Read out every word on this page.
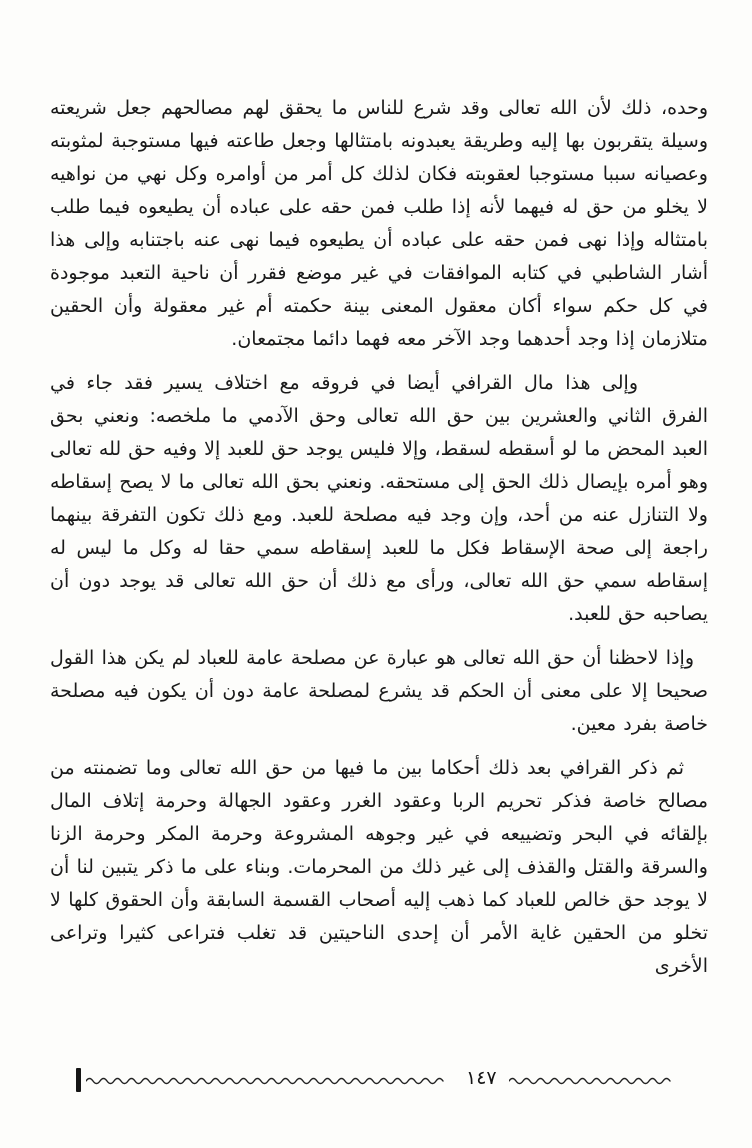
وحده، ذلك لأن الله تعالى وقد شرع للناس ما يحقق لهم مصالحهم جعل شريعته وسيلة يتقربون بها إليه وطريقة يعبدونه بامتثالها وجعل طاعته فيها مستوجبة لمثوبته وعصيانه سببا مستوجبا لعقوبته فكان لذلك كل أمر من أوامره وكل نهي من نواهيه لا يخلو من حق له فيهما لأنه إذا طلب فمن حقه على عباده أن يطيعوه فيما طلب بامتثاله وإذا نهى فمن حقه على عباده أن يطيعوه فيما نهى عنه باجتنابه وإلى هذا أشار الشاطبي في كتابه الموافقات في غير موضع فقرر أن ناحية التعبد موجودة في كل حكم سواء أكان معقول المعنى بينة حكمته أم غير معقولة وأن الحقين متلازمان إذا وجد أحدهما وجد الآخر معه فهما دائما مجتمعان.

وإلى هذا مال القرافي أيضا في فروقه مع اختلاف يسير فقد جاء في الفرق الثاني والعشرين بين حق الله تعالى وحق الآدمي ما ملخصه: ونعني بحق العبد المحض ما لو أسقطه لسقط، وإلا فليس يوجد حق للعبد إلا وفيه حق لله تعالى وهو أمره بإيصال ذلك الحق إلى مستحقه. ونعني بحق الله تعالى ما لا يصح إسقاطه ولا التنازل عنه من أحد، وإن وجد فيه مصلحة للعبد. ومع ذلك تكون التفرقة بينهما راجعة إلى صحة الإسقاط فكل ما للعبد إسقاطه سمي حقا له وكل ما ليس له إسقاطه سمي حق الله تعالى، ورأى مع ذلك أن حق الله تعالى قد يوجد دون أن يصاحبه حق للعبد.

وإذا لاحظنا أن حق الله تعالى هو عبارة عن مصلحة عامة للعباد لم يكن هذا القول صحيحا إلا على معنى أن الحكم قد يشرع لمصلحة عامة دون أن يكون فيه مصلحة خاصة بفرد معين.

ثم ذكر القرافي بعد ذلك أحكاما بين ما فيها من حق الله تعالى وما تضمنته من مصالح خاصة فذكر تحريم الربا وعقود الغرر وعقود الجهالة وحرمة إتلاف المال بإلقائه في البحر وتضييعه في غير وجوهه المشروعة وحرمة المكر وحرمة الزنا والسرقة والقتل والقذف إلى غير ذلك من المحرمات. وبناء على ما ذكر يتبين لنا أن لا يوجد حق خالص للعباد كما ذهب إليه أصحاب القسمة السابقة وأن الحقوق كلها لا تخلو من الحقين غاية الأمر أن إحدى الناحيتين قد تغلب فتراعى كثيرا وتراعى الأخرى

١٤٧
